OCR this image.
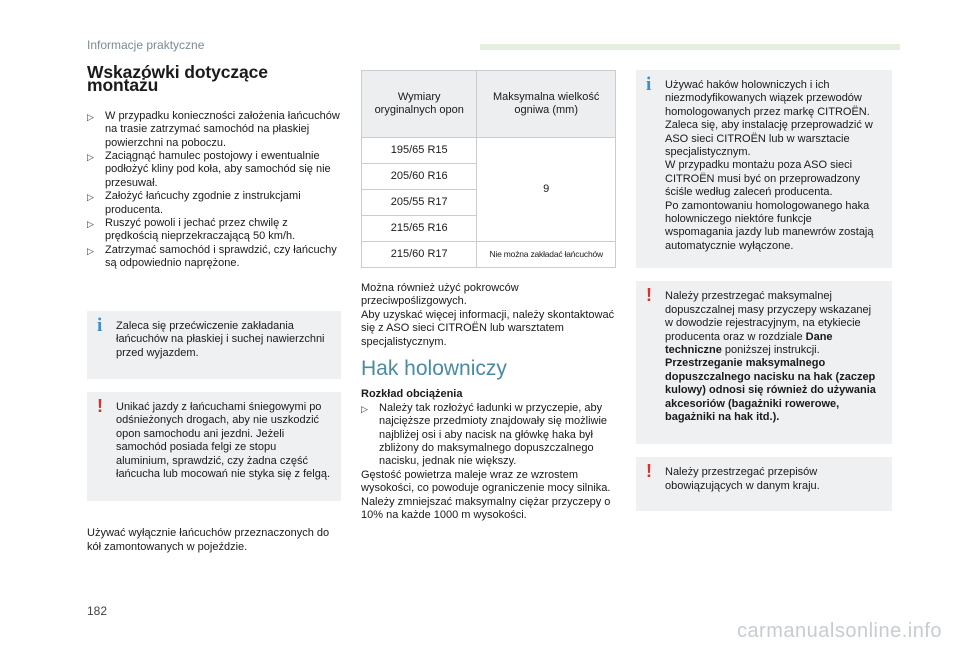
Informacje praktyczne
Wskazówki dotyczące montażu
▷ W przypadku konieczności założenia łańcuchów na trasie zatrzymać samochód na płaskiej powierzchni na poboczu.
▷ Zaciągnąć hamulec postojowy i ewentualnie podłożyć kliny pod koła, aby samochód się nie przesuwał.
▷ Założyć łańcuchy zgodnie z instrukcjami producenta.
▷ Ruszyć powoli i jechać przez chwilę z prędkością nieprzekraczającą 50 km/h.
▷ Zatrzymać samochód i sprawdzić, czy łańcuchy są odpowiednio naprężone.
i Zaleca się przećwiczenie zakładania łańcuchów na płaskiej i suchej nawierzchni przed wyjazdem.
! Unikać jazdy z łańcuchami śniegowymi po odśnieżonych drogach, aby nie uszkodzić opon samochodu ani jezdni. Jeżeli samochód posiada felgi ze stopu aluminium, sprawdzić, czy żadna część łańcucha lub mocowań nie styka się z felgą.

Używać wyłącznie łańcuchów przeznaczonych do kół zamontowanych w pojeździe.

Wymiary oryginalnych opon	Maksymalna wielkość ogniwa (mm)
195/65 R15	9
205/60 R16	
205/55 R17	
215/65 R16	
215/60 R17	Nie można zakładać łańcuchów

Można również użyć pokrowców przeciwpoślizgowych.
Aby uzyskać więcej informacji, należy skontaktować się z ASO sieci CITROËN lub warsztatem specjalistycznym.

Hak holowniczy

Rozkład obciążenia

▷ Należy tak rozłożyć ładunki w przyczepie, aby najcięższe przedmioty znajdowały się możliwie najbliżej osi i aby nacisk na główkę haka był zbliżony do maksymalnego dopuszczalnego nacisku, jednak nie większy.

Gęstość powietrza maleje wraz ze wzrostem wysokości, co powoduje ograniczenie mocy silnika. Należy zmniejszać maksymalny ciężar przyczepy o 10% na każde 1000 m wysokości.

i Używać haków holowniczych i ich niezmodyfikowanych wiązek przewodów homologowanych przez markę CITROËN. Zaleca się, aby instalację przeprowadzić w ASO sieci CITROËN lub w warsztacie specjalistycznym.
W przypadku montażu poza ASO sieci CITROËN musi być on przeprowadzony ściśle według zaleceń producenta.
Po zamontowaniu homologowanego haka holowniczego niektóre funkcje wspomagania jazdy lub manewrów zostają automatycznie wyłączone.
! Należy przestrzegać maksymalnej dopuszczalnej masy przyczepy wskazanej w dowodzie rejestracyjnym, na etykiecie producenta oraz w rozdziale Dane techniczne poniższej instrukcji.
Przestrzeganie maksymalnego dopuszczalnego nacisku na hak (zaczep kulowy) odnosi się również do używania akcesoriów (bagażniki rowerowe, bagażniki na hak itd.).
! Należy przestrzegać przepisów obowiązujących w danym kraju.
182
carmanualsonline.info
